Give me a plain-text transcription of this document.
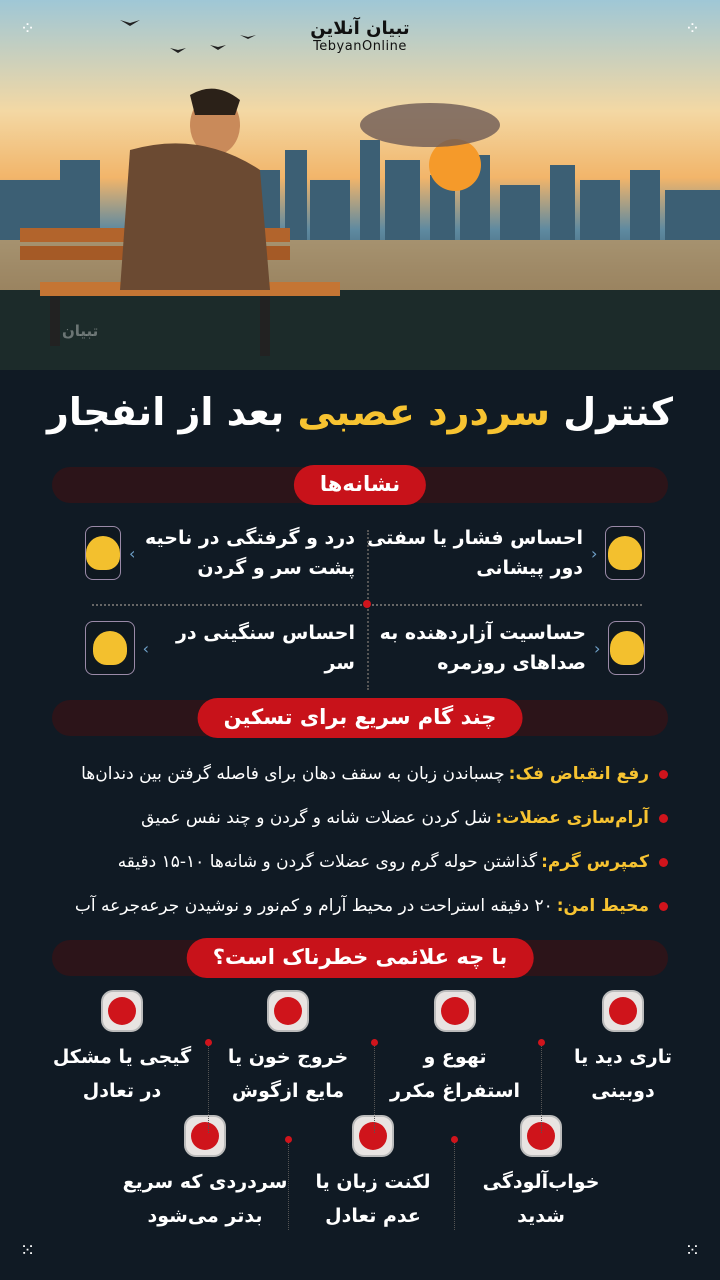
تبیان آنلاین
TebyanOnline
تبیان
⁘	⁘
⁙	⁙
کنترل سردرد عصبی بعد از انفجار
نشانه‌ها
‹
احساس فشار یا سفتی دور پیشانی
‹
درد و گرفتگی در ناحیه پشت سر و گردن
‹
حساسیت آزاردهنده به صداهای روزمره
‹
احساس سنگینی در سر
چند گام سریع برای تسکین
رفع انقباض فک:
چسباندن زبان به سقف دهان برای فاصله گرفتن بین دندان‌ها
آرام‌سازی عضلات:
شل کردن عضلات شانه و گردن و چند نفس عمیق
کمپرس گرم:
گذاشتن حوله گرم روی عضلات گردن و شانه‌ها ۱۰-۱۵ دقیقه
محیط امن:
۲۰ دقیقه استراحت در محیط آرام و کم‌نور و نوشیدن جرعه‌جرعه آب
با چه علائمی خطرناک است؟
تاری دید یا
دوبینی
تهوع و
استفراغ مکرر
خروج خون یا
مایع ازگوش
گیجی یا مشکل
در تعادل
خواب‌آلودگی
شدید
لکنت زبان یا
عدم تعادل
سردردی که سریع
بدتر می‌شود
